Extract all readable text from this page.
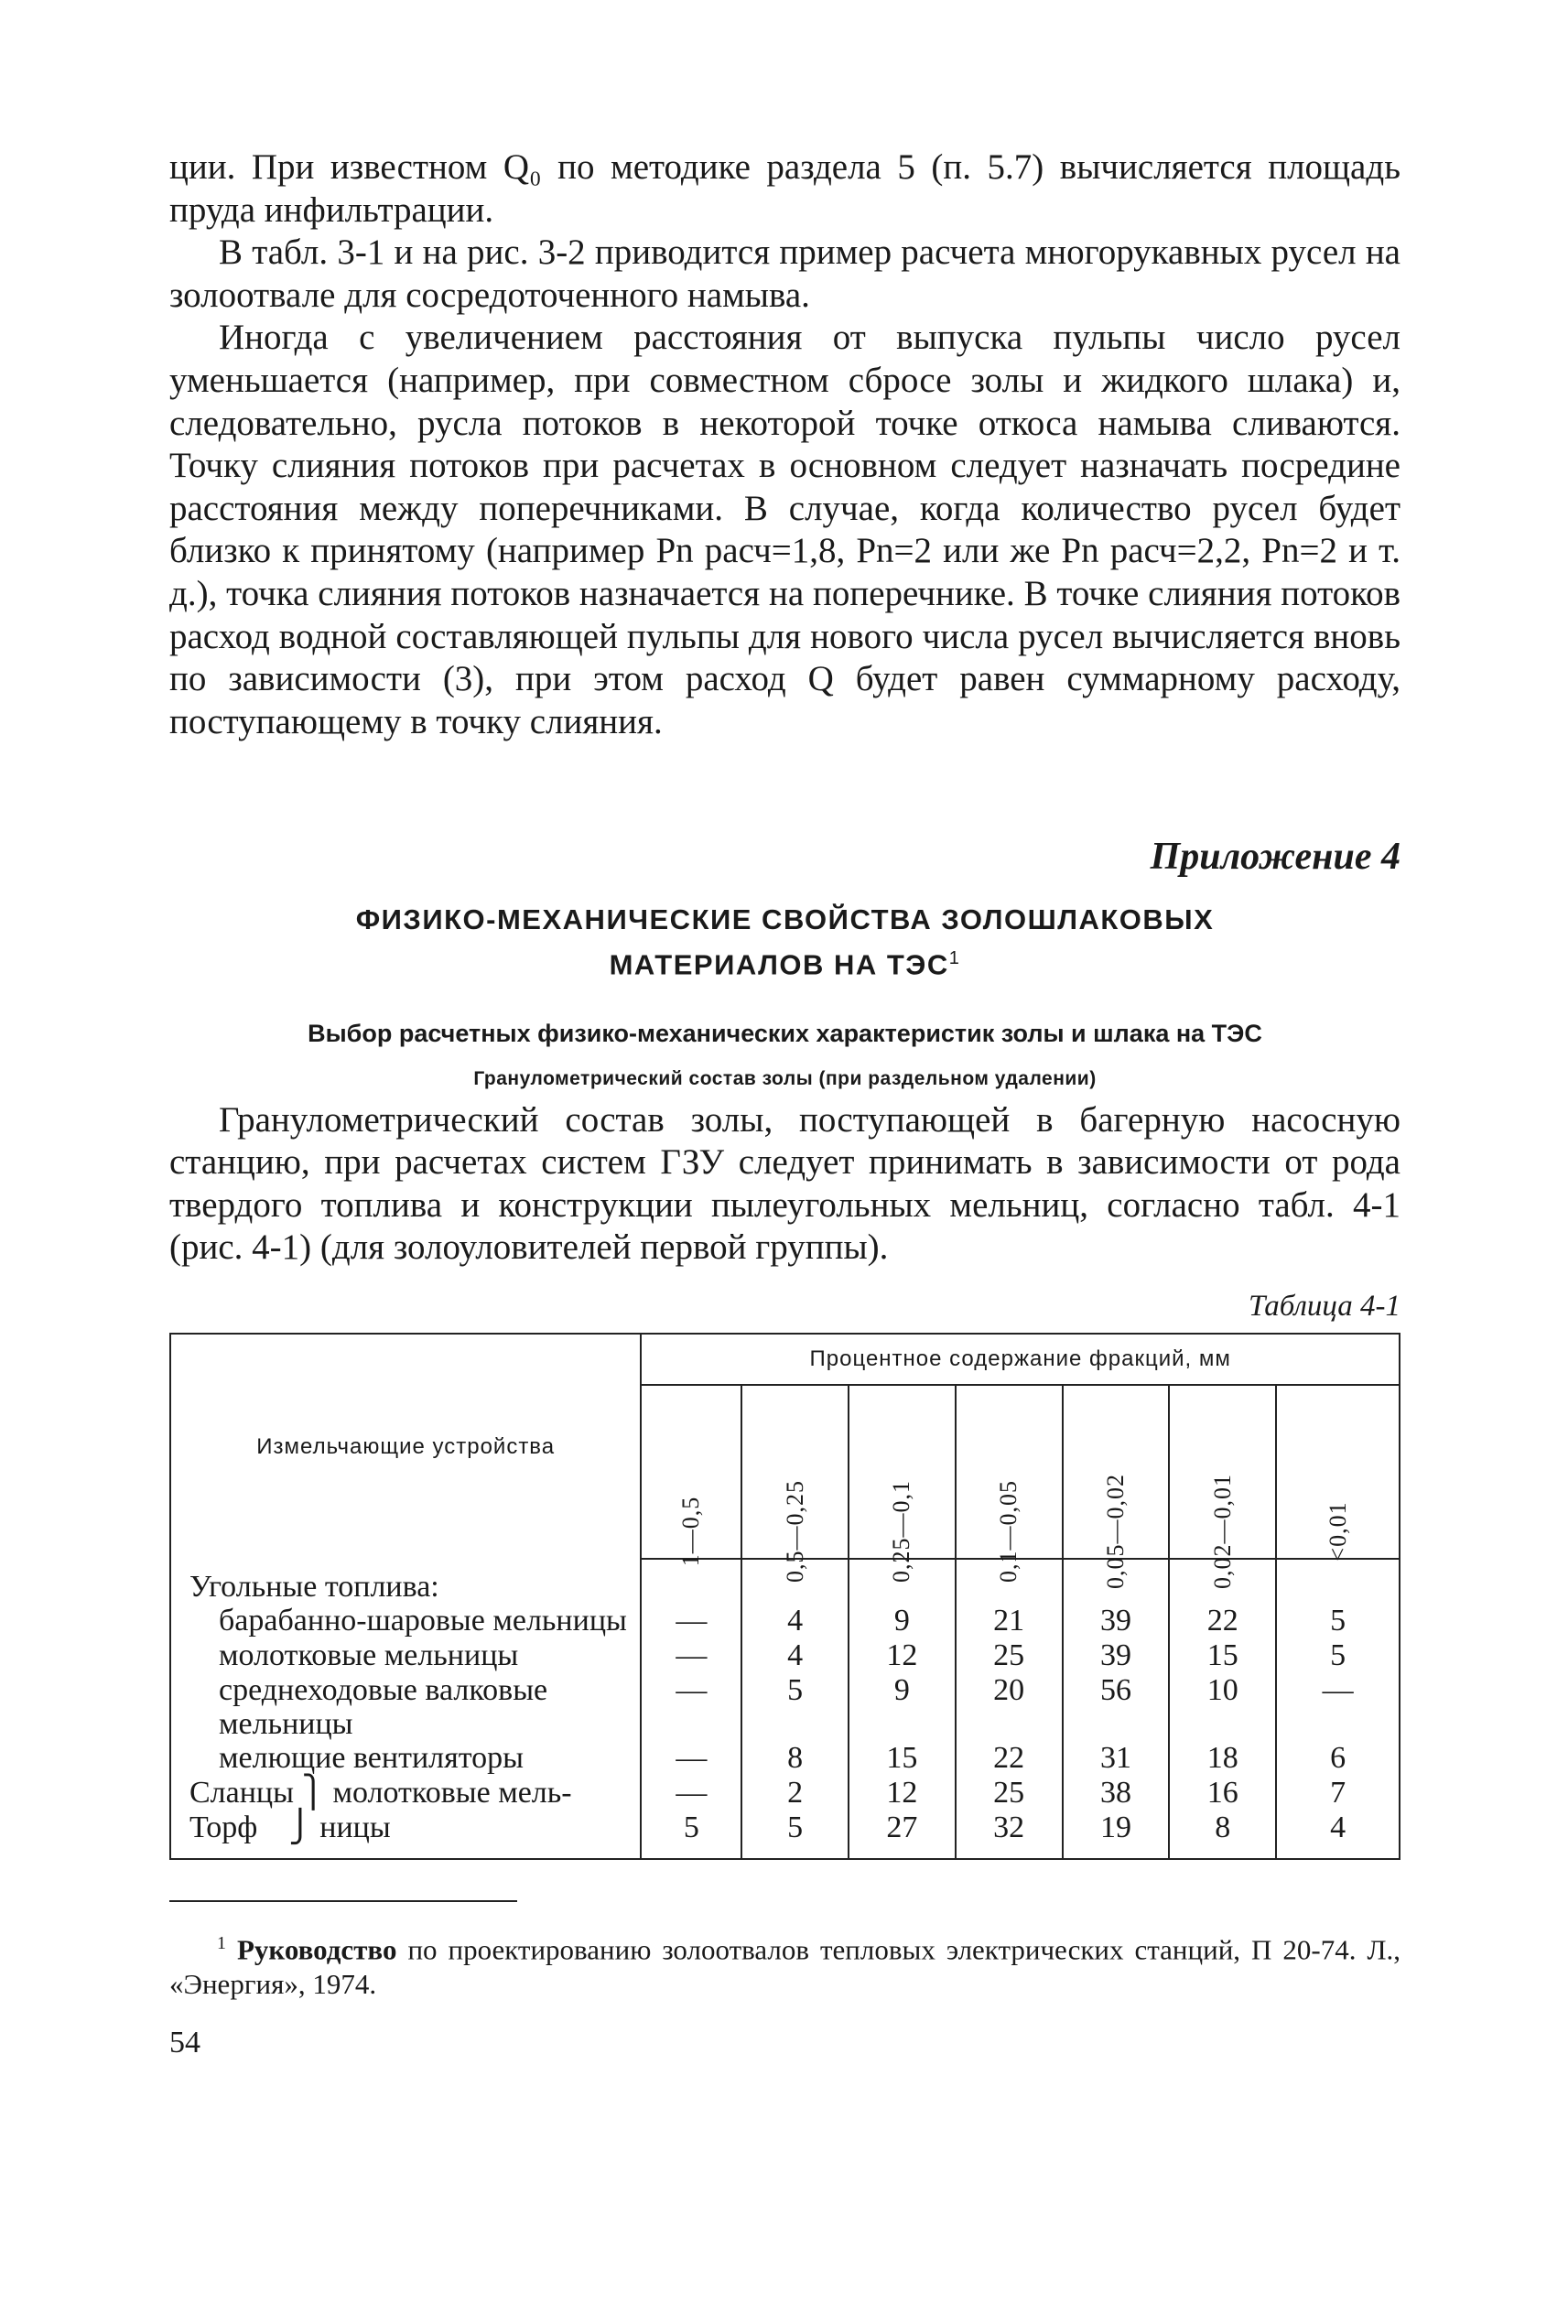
ции. При известном Q₀ по методике раздела 5 (п. 5.7) вычисляется площадь пруда инфильтрации.

В табл. 3-1 и на рис. 3-2 приводится пример расчета многорукавных русел на золоотвале для сосредоточенного намыва.

Иногда с увеличением расстояния от выпуска пульпы число русел уменьшается (например, при совместном сбросе золы и жидкого шлака) и, следовательно, русла потоков в некоторой точке откоса намыва сливаются. Точку слияния потоков при расчетах в основном следует назначать посредине расстояния между поперечниками. В случае, когда количество русел будет близко к принятому (например Pn расч=1,8, Pn=2 или же Pn расч=2,2, Pn=2 и т. д.), точка слияния потоков назначается на поперечнике. В точке слияния потоков расход водной составляющей пульпы для нового числа русел вычисляется вновь по зависимости (3), при этом расход Q будет равен суммарному расходу, поступающему в точку слияния.

Приложение 4
ФИЗИКО-МЕХАНИЧЕСКИЕ СВОЙСТВА ЗОЛОШЛАКОВЫХ
МАТЕРИАЛОВ НА ТЭС$^1$
Выбор расчетных физико-механических характеристик золы и шлака на ТЭС
Гранулометрический состав золы (при раздельном удалении)

Гранулометрический состав золы, поступающей в багерную насосную станцию, при расчетах систем ГЗУ следует принимать в зависимости от рода твердого топлива и конструкции пылеугольных мельниц, согласно табл. 4-1 (рис. 4-1) (для золоуловителей первой группы).

Таблица 4-1
Измельчающие устройства	Процентное содержание фракций, мм						

	1—0,5	0,5—0,25	0,25—0,1	0,1—0,05	0,05—0,02	0,02—0,01	<0,01

Угольные топлива:							
барабанно-шаровые мельницы	—	4	9	21	39	22	5
молотковые мельницы	—	4	12	25	39	15	5
среднеходовые валковые мельницы	—	5	9	20	56	10	—
мелющие вентиляторы	—	8	15	22	31	18	6
Сланцы ⎫ молотковые мель-	—	2	12	25	38	16	7
Торф    ⎭ ницы	5	5	27	32	19	8	4

$^1$ Руководство по проектированию золоотвалов тепловых электрических станций, П 20-74. Л., «Энергия», 1974.

54
